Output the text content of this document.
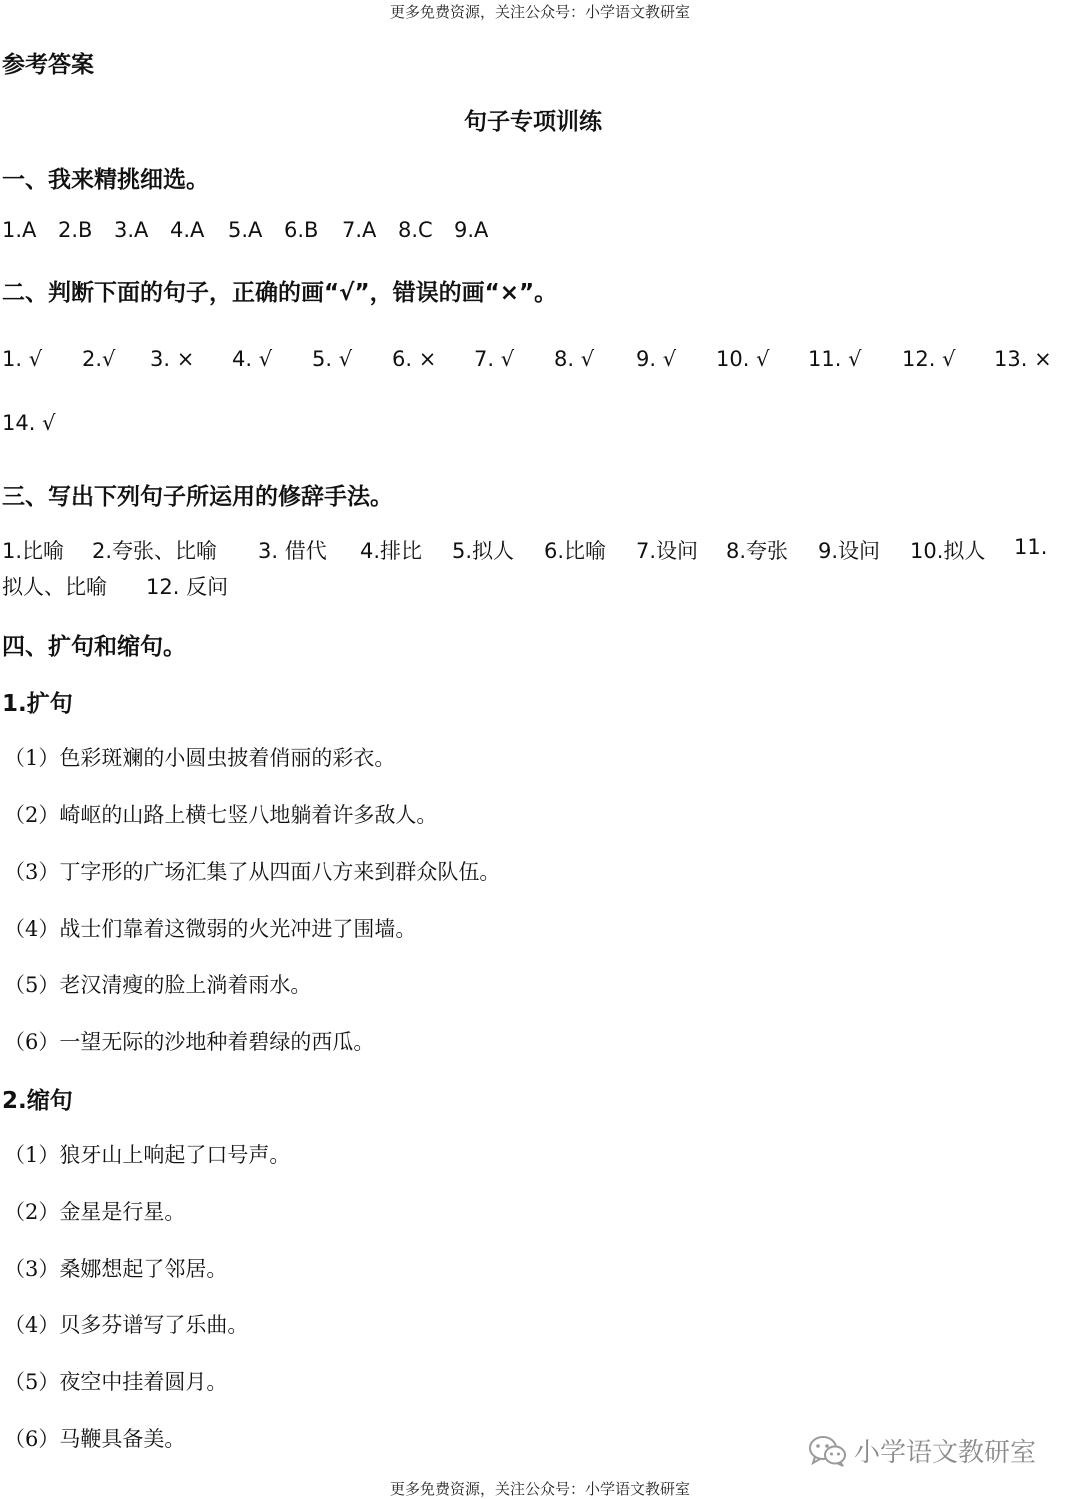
更多免费资源，关注公众号：小学语文教研室
参考答案
句子专项训练
一、我来精挑细选。
1.A 2.B 3.A 4.A 5.A 6.B 7.A 8.C 9.A
二、判断下面的句子，正确的画“√”，错误的画“×”。
1. √ 2.√ 3. × 4. √ 5. √ 6. × 7. √ 8. √ 9. √ 10. √ 11. √ 12. √ 13. ×
14. √
三、写出下列句子所运用的修辞手法。
1.比喻 2.夸张、比喻 3. 借代 4.排比 5.拟人 6.比喻 7.设问 8.夸张 9.设问 10.拟人 11.
拟人、比喻 12. 反问
四、扩句和缩句。
1.扩句
（1）色彩斑斓的小圆虫披着俏丽的彩衣。
（2）崎岖的山路上横七竖八地躺着许多敌人。
（3）丁字形的广场汇集了从四面八方来到群众队伍。
（4）战士们靠着这微弱的火光冲进了围墙。
（5）老汉清瘦的脸上淌着雨水。
（6）一望无际的沙地种着碧绿的西瓜。
2.缩句
（1）狼牙山上响起了口号声。
（2）金星是行星。
（3）桑娜想起了邻居。
（4）贝多芬谱写了乐曲。
（5）夜空中挂着圆月。
（6）马鞭具备美。	小学语文教研室
更多免费资源，关注公众号：小学语文教研室
